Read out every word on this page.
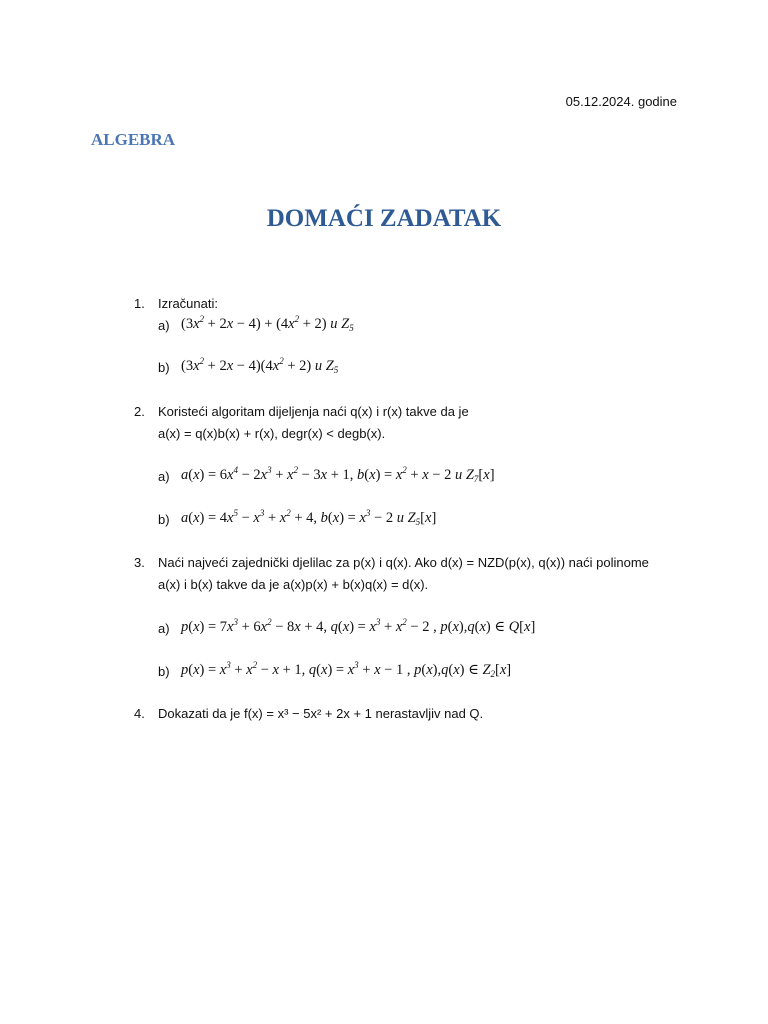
05.12.2024. godine
ALGEBRA
DOMAĆI ZADATAK
1. Izračunati:
a) $(3x^2 + 2x - 4) + (4x^2 + 2)$ u $Z_5$
b) $(3x^2 + 2x - 4)(4x^2 + 2)$ u $Z_5$
2. Koristeći algoritam dijeljenja naći q(x) i r(x) takve da je
a(x) = q(x)b(x) + r(x), degr(x) < degb(x).
a) $a(x) = 6x^4 - 2x^3 + x^2 - 3x + 1$, $b(x) = x^2 + x - 2$ u $Z_7[x]$
b) $a(x) = 4x^5 - x^3 + x^2 + 4$, $b(x) = x^3 - 2$ u $Z_5[x]$
3. Naći najveći zajednički djelilac za p(x) i q(x). Ako d(x) = NZD(p(x), q(x)) naći polinome
a(x) i b(x) takve da je a(x)p(x) + b(x)q(x) = d(x).
a) $p(x) = 7x^3 + 6x^2 - 8x + 4$, $q(x) = x^3 + x^2 - 2$ , p(x),q(x) ∈ Q[x]
b) $p(x) = x^3 + x^2 - x + 1$, $q(x) = x^3 + x - 1$ , p(x),q(x) ∈ $Z_2[x]$
4. Dokazati da je f(x) = x³ − 5x² + 2x + 1 nerastavljiv nad Q.
